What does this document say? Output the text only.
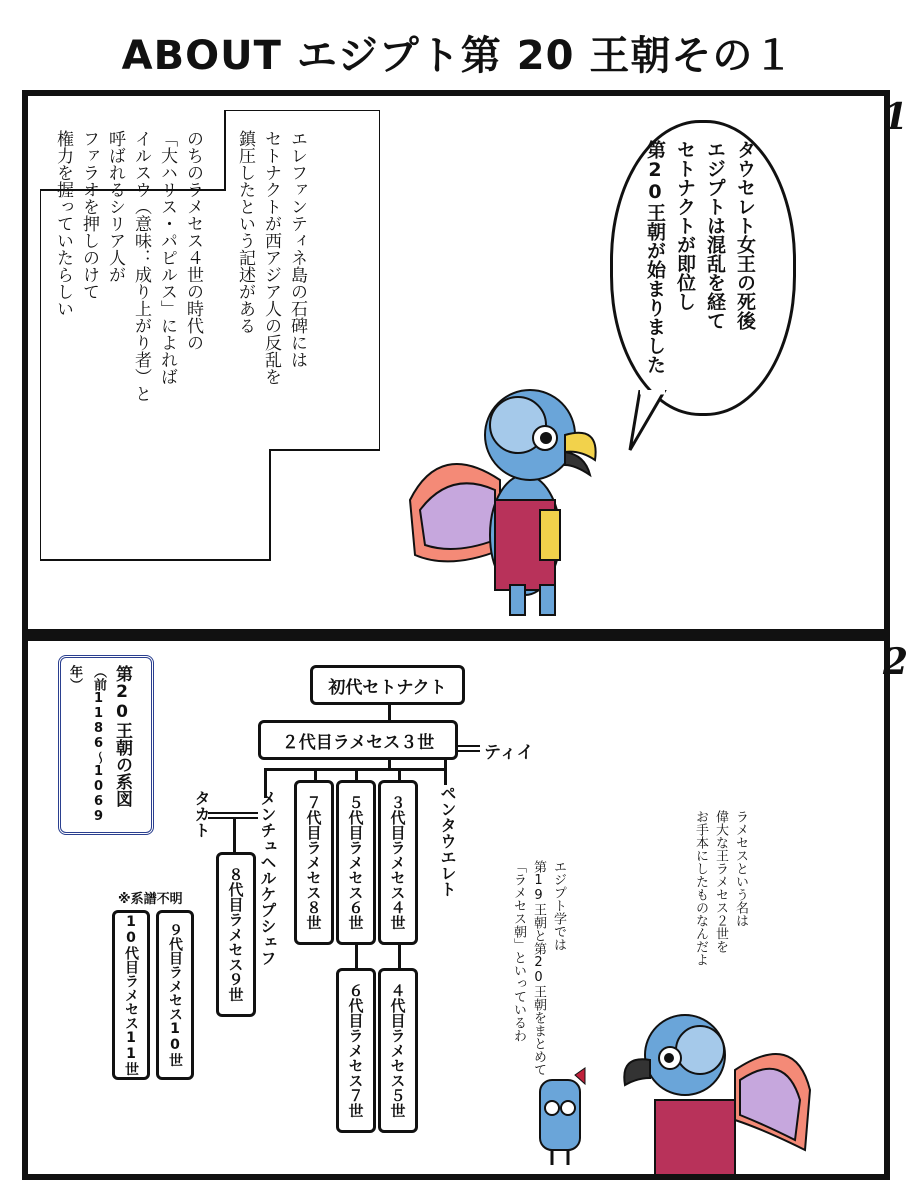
ABOUT エジプト第 20 王朝その１
1
エレファンティネ島の石碑には
セトナクトが西アジア人の反乱を
鎮圧したという記述がある

のちのラメセス４世の時代の
「大ハリス・パピルス」によれば
イルスウ（意味：成り上がり者）と
呼ばれるシリア人が
ファラオを押しのけて
権力を握っていたらしい	タウセレト女王の死後
エジプトは混乱を経て
セトナクトが即位し
第20王朝が始まりました
2
第20王朝の系図
（前1186〜1069年）	初代セトナクト
２代目ラメセス３世
ティイ
ペンタウエレト
メンチュヘルケプシェフ
タカト	７代目ラメセス８世 ５代目ラメセス６世 ３代目ラメセス４世
８代目ラメセス９世
６代目ラメセス７世 ４代目ラメセス５世
※系譜不明
９代目ラメセス10世
10代目ラメセス11世
ラメセスという名は
偉大な王ラメセス２世を
お手本にしたものなんだよ
エジプト学では
第19王朝と第20王朝をまとめて
「ラメセス朝」といっているわ
